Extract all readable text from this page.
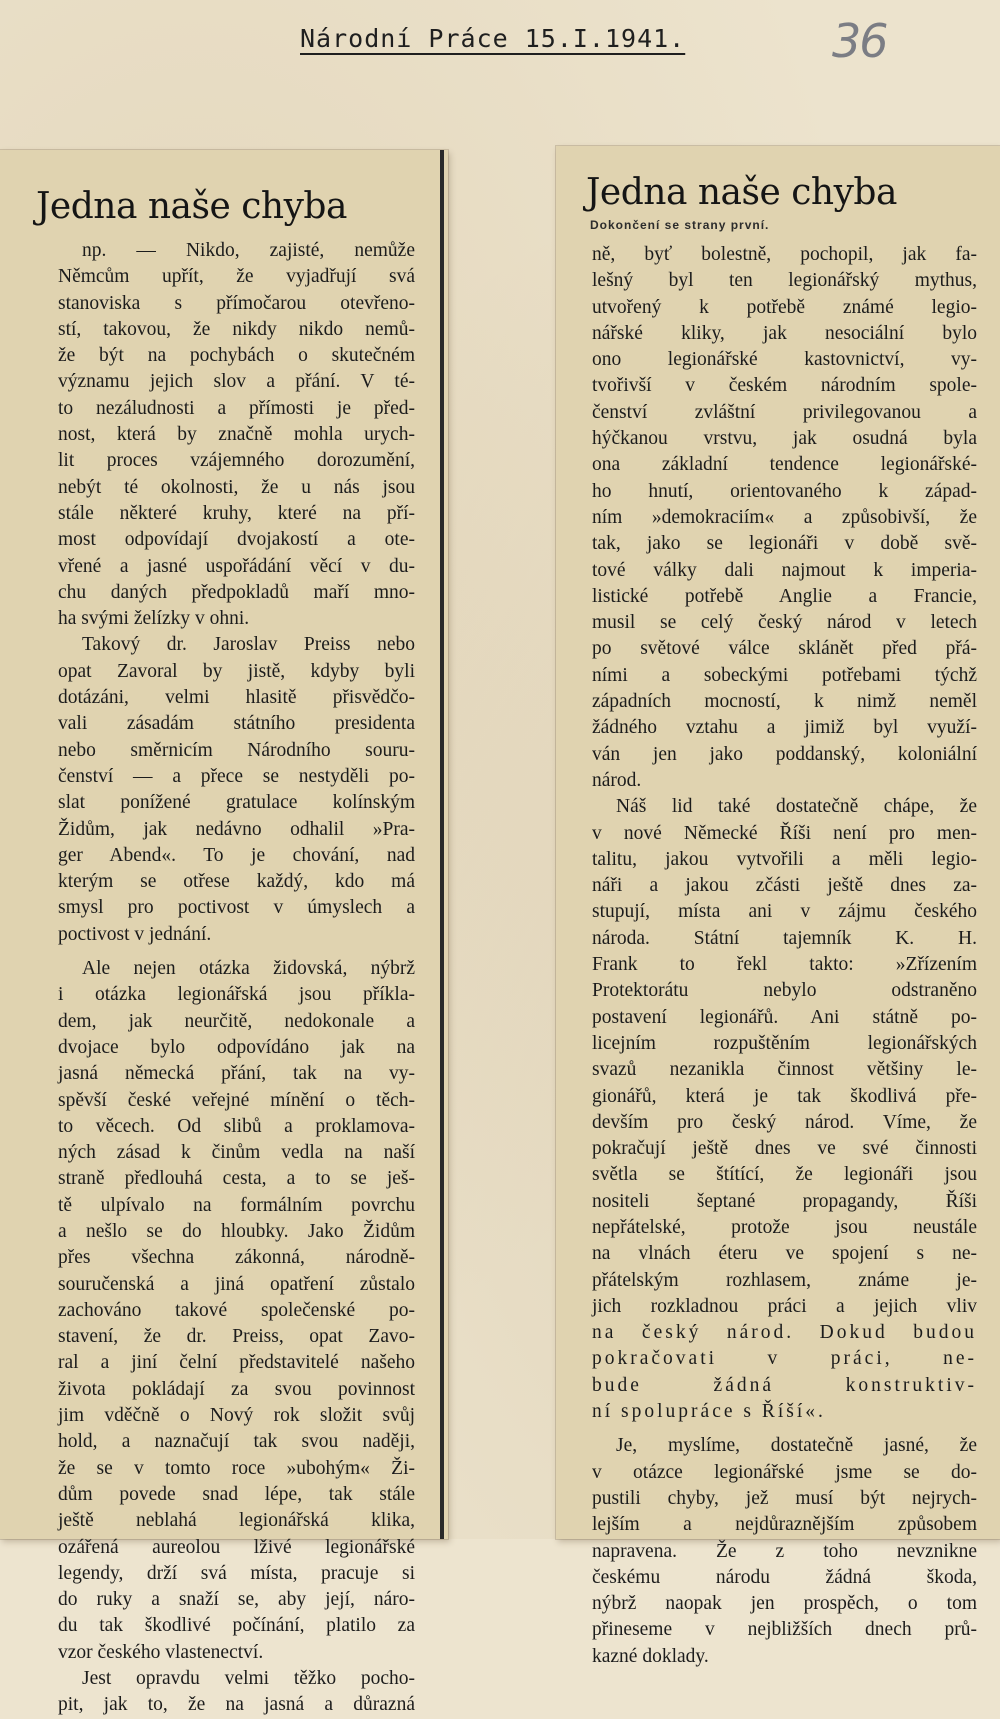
Národní Práce 15.I.1941.	36
Jedna naše chyba	Jedna naše chyba
Dokončení se strany první.
np. — Nikdo, zajisté, nemůže
Němcům upřít, že vyjadřují svá
stanoviska s přímočarou otevřeno-
stí, takovou, že nikdy nikdo nemů-
že být na pochybách o skutečném
významu jejich slov a přání. V té-
to nezáludnosti a přímosti je před-
nost, která by značně mohla urych-
lit proces vzájemného dorozumění,
nebýt té okolnosti, že u nás jsou
stále některé kruhy, které na pří-
most odpovídají dvojakostí a ote-
vřené a jasné uspořádání věcí v du-
chu daných předpokladů maří mno-
ha svými želízky v ohni.
Takový dr. Jaroslav Preiss nebo
opat Zavoral by jistě, kdyby byli
dotázáni, velmi hlasitě přisvědčo-
vali zásadám státního presidenta
nebo směrnicím Národního souru-
čenství — a přece se nestyděli po-
slat ponížené gratulace kolínským
Židům, jak nedávno odhalil »Pra-
ger Abend«. To je chování, nad
kterým se otřese každý, kdo má
smysl pro poctivost v úmyslech a
poctivost v jednání.
Ale nejen otázka židovská, nýbrž
i otázka legionářská jsou příkla-
dem, jak neurčitě, nedokonale a
dvojace bylo odpovídáno jak na
jasná německá přání, tak na vy-
spěvší české veřejné mínění o těch-
to věcech. Od slibů a proklamova-
ných zásad k činům vedla na naší
straně předlouhá cesta, a to se ješ-
tě ulpívalo na formálním povrchu
a nešlo se do hloubky. Jako Židům
přes všechna zákonná, národně-
souručenská a jiná opatření zůstalo
zachováno takové společenské po-
stavení, že dr. Preiss, opat Zavo-
ral a jiní čelní představitelé našeho
života pokládají za svou povinnost
jim vděčně o Nový rok složit svůj
hold, a naznačují tak svou naději,
že se v tomto roce »ubohým« Ži-
dům povede snad lépe, tak stále
ještě neblahá legionářská klika,
ozářená aureolou lživé legionářské
legendy, drží svá místa, pracuje si
do ruky a snaží se, aby její, náro-
du tak škodlivé počínání, platilo za
vzor českého vlastenectví.
Jest opravdu velmi těžko pocho-
pit, jak to, že na jasná a důrazná
ně, byť bolestně, pochopil, jak fa-
lešný byl ten legionářský mythus,
utvořený k potřebě známé legio-
nářské kliky, jak nesociální bylo
ono legionářské kastovnictví, vy-
tvořivší v českém národním spole-
čenství zvláštní privilegovanou a
hýčkanou vrstvu, jak osudná byla
ona základní tendence legionářské-
ho hnutí, orientovaného k západ-
ním »demokraciím« a způsobivší, že
tak, jako se legionáři v době svě-
tové války dali najmout k imperia-
listické potřebě Anglie a Francie,
musil se celý český národ v letech
po světové válce sklánět před přá-
ními a sobeckými potřebami týchž
západních mocností, k nimž neměl
žádného vztahu a jimiž byl využí-
ván jen jako poddanský, koloniální
národ.
Náš lid také dostatečně chápe, že
v nové Německé Říši není pro men-
talitu, jakou vytvořili a měli legio-
náři a jakou zčásti ještě dnes za-
stupují, místa ani v zájmu českého
národa. Státní tajemník K. H.
Frank to řekl takto: »Zřízením
Protektorátu nebylo odstraněno
postavení legionářů. Ani státně po-
licejním rozpuštěním legionářských
svazů nezanikla činnost většiny le-
gionářů, která je tak škodlivá pře-
devším pro český národ. Víme, že
pokračují ještě dnes ve své činnosti
světla se štítící, že legionáři jsou
nositeli šeptané propagandy, Říši
nepřátelské, protože jsou neustále
na vlnách éteru ve spojení s ne-
přátelským rozhlasem, známe je-
jich rozkladnou práci a jejich vliv
na český národ. Dokud budou
pokračovati v práci, ne-
bude žádná konstruktiv-
ní spolupráce s Říší«.
Je, myslíme, dostatečně jasné, že
v otázce legionářské jsme se do-
pustili chyby, jež musí být nejrych-
lejším a nejdůraznějším způsobem
napravena. Že z toho nevznikne
českému národu žádná škoda,
nýbrž naopak jen prospěch, o tom
přineseme v nejbližších dnech prů-
kazné doklady.
